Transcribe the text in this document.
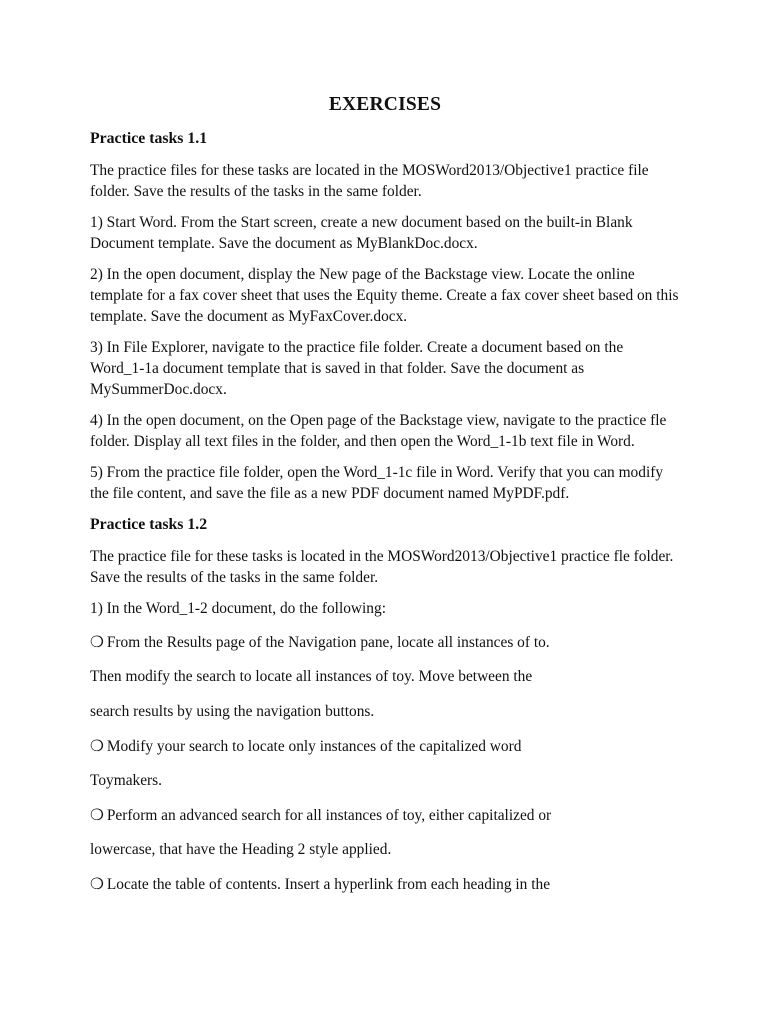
EXERCISES
Practice tasks 1.1

The practice files for these tasks are located in the MOSWord2013/Objective1 practice file folder. Save the results of the tasks in the same folder.

1) Start Word. From the Start screen, create a new document based on the built-in Blank Document template. Save the document as MyBlankDoc.docx.

2) In the open document, display the New page of the Backstage view. Locate the online template for a fax cover sheet that uses the Equity theme. Create a fax cover sheet based on this template. Save the document as MyFaxCover.docx.

3) In File Explorer, navigate to the practice file folder. Create a document based on the Word_1-1a document template that is saved in that folder. Save the document as MySummerDoc.docx.

4) In the open document, on the Open page of the Backstage view, navigate to the practice fle folder. Display all text files in the folder, and then open the Word_1-1b text file in Word.

5) From the practice file folder, open the Word_1-1c file in Word. Verify that you can modify the file content, and save the file as a new PDF document named MyPDF.pdf.

Practice tasks 1.2

The practice file for these tasks is located in the MOSWord2013/Objective1 practice fle folder. Save the results of the tasks in the same folder.

1) In the Word_1-2 document, do the following:

❍ From the Results page of the Navigation pane, locate all instances of to.

Then modify the search to locate all instances of toy. Move between the

search results by using the navigation buttons.

❍ Modify your search to locate only instances of the capitalized word

Toymakers.

❍ Perform an advanced search for all instances of toy, either capitalized or

lowercase, that have the Heading 2 style applied.

❍ Locate the table of contents. Insert a hyperlink from each heading in the
